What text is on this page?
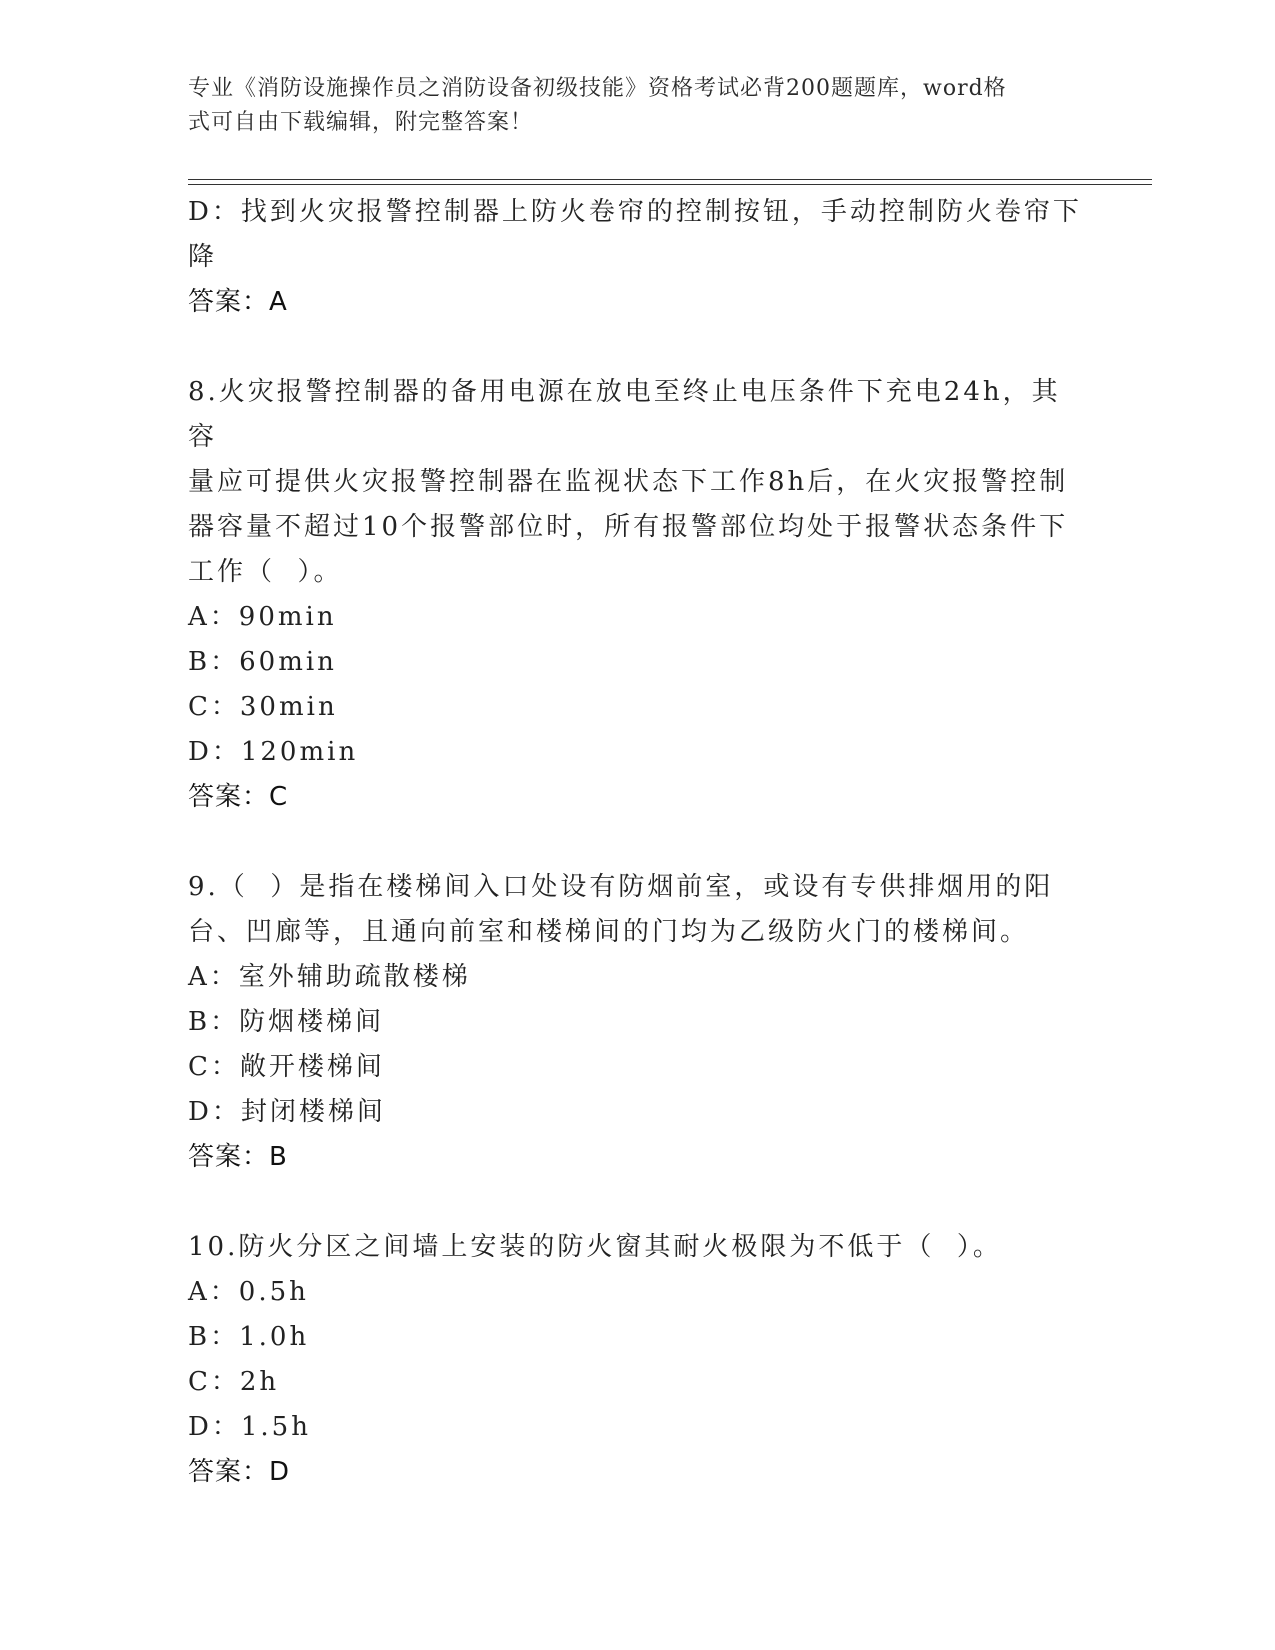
专业《消防设施操作员之消防设备初级技能》资格考试必背200题题库，word格
式可自由下载编辑，附完整答案！
D：找到火灾报警控制器上防火卷帘的控制按钮，手动控制防火卷帘下
降
答案：A
8.火灾报警控制器的备用电源在放电至终止电压条件下充电24h，其容
量应可提供火灾报警控制器在监视状态下工作8h后，在火灾报警控制
器容量不超过10个报警部位时，所有报警部位均处于报警状态条件下
工作（  ）。
A：90min
B：60min
C：30min
D：120min
答案：C
9.（  ）是指在楼梯间入口处设有防烟前室，或设有专供排烟用的阳
台、凹廊等，且通向前室和楼梯间的门均为乙级防火门的楼梯间。
A：室外辅助疏散楼梯
B：防烟楼梯间
C：敞开楼梯间
D：封闭楼梯间
答案：B
10.防火分区之间墙上安装的防火窗其耐火极限为不低于（  ）。
A：0.5h
B：1.0h
C：2h
D：1.5h
答案：D
